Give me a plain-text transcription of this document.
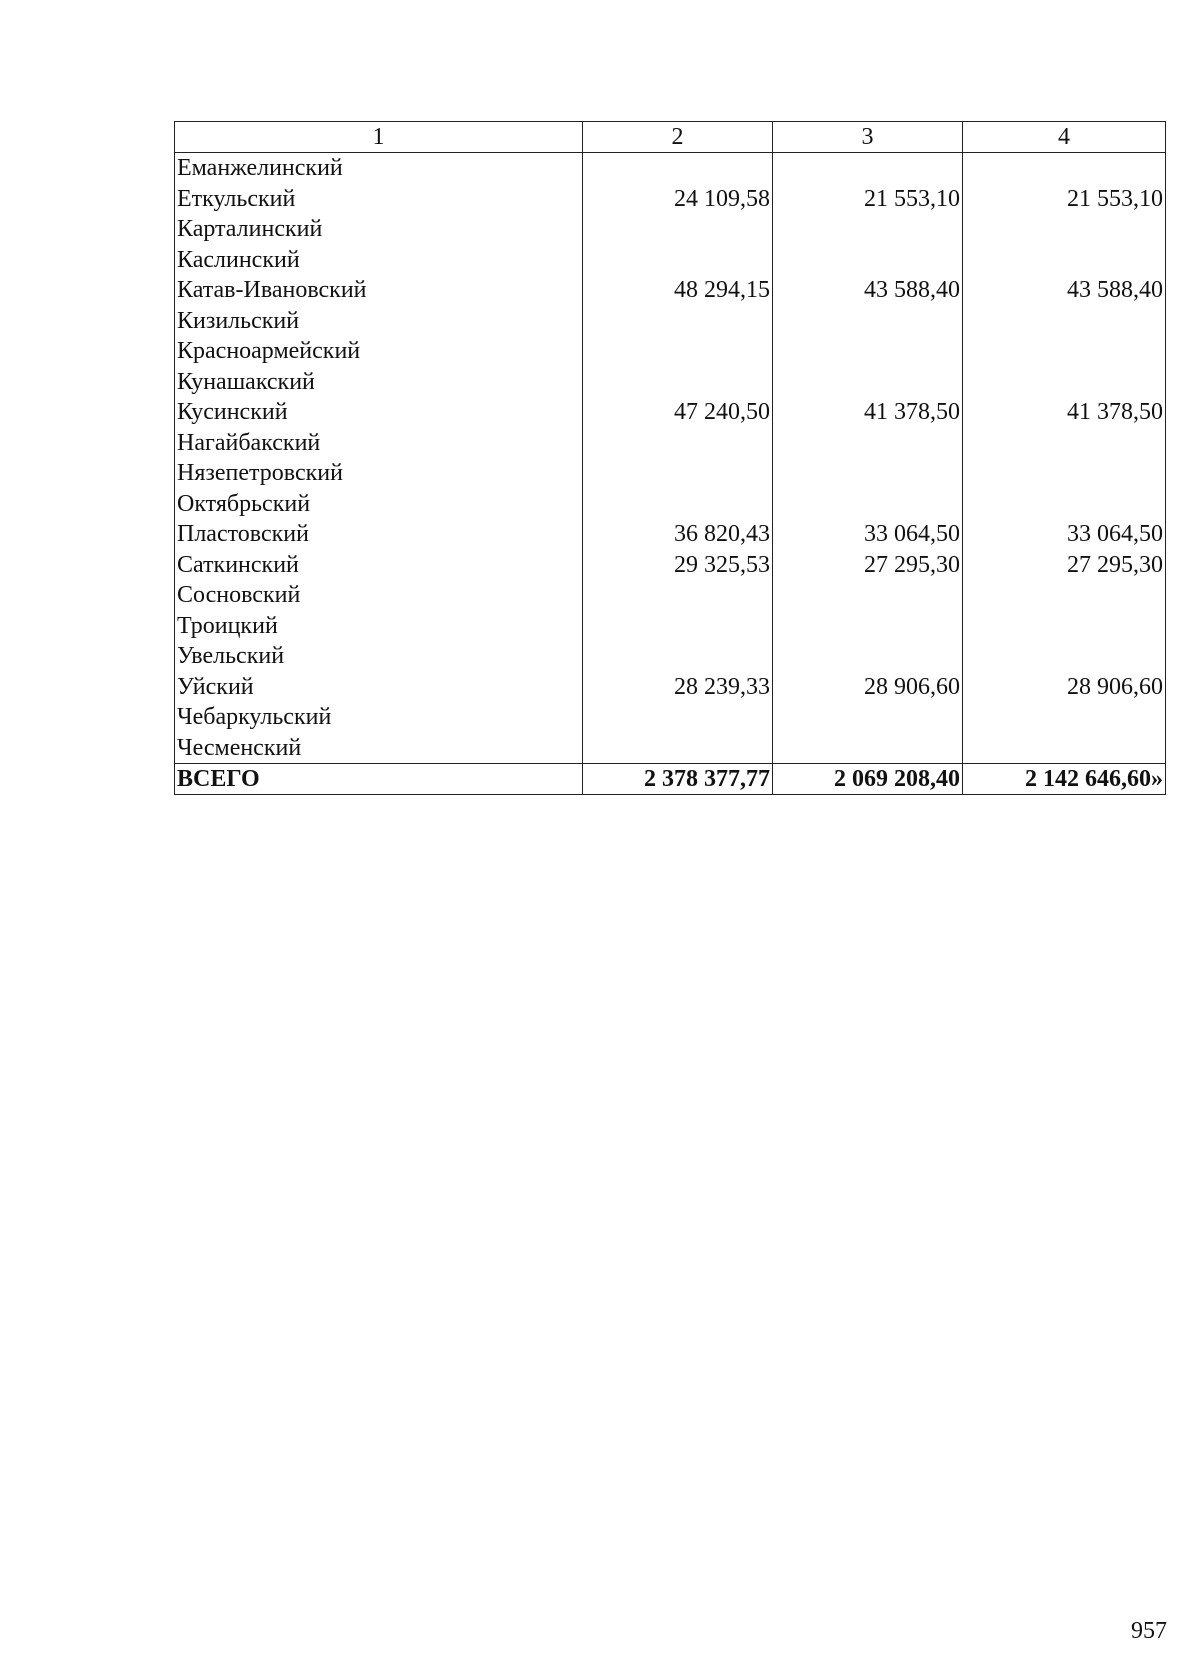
1	2	3	4
Еманжелинский			
Еткульский	24 109,58	21 553,10	21 553,10
Карталинский			
Каслинский			
Катав-Ивановский	48 294,15	43 588,40	43 588,40
Кизильский			
Красноармейский			
Кунашакский			
Кусинский	47 240,50	41 378,50	41 378,50
Нагайбакский			
Нязепетровский			
Октябрьский			
Пластовский	36 820,43	33 064,50	33 064,50
Саткинский	29 325,53	27 295,30	27 295,30
Сосновский			
Троицкий			
Увельский			
Уйский	28 239,33	28 906,60	28 906,60
Чебаркульский			
Чесменский			
ВСЕГО	2 378 377,77	2 069 208,40	2 142 646,60»
957
